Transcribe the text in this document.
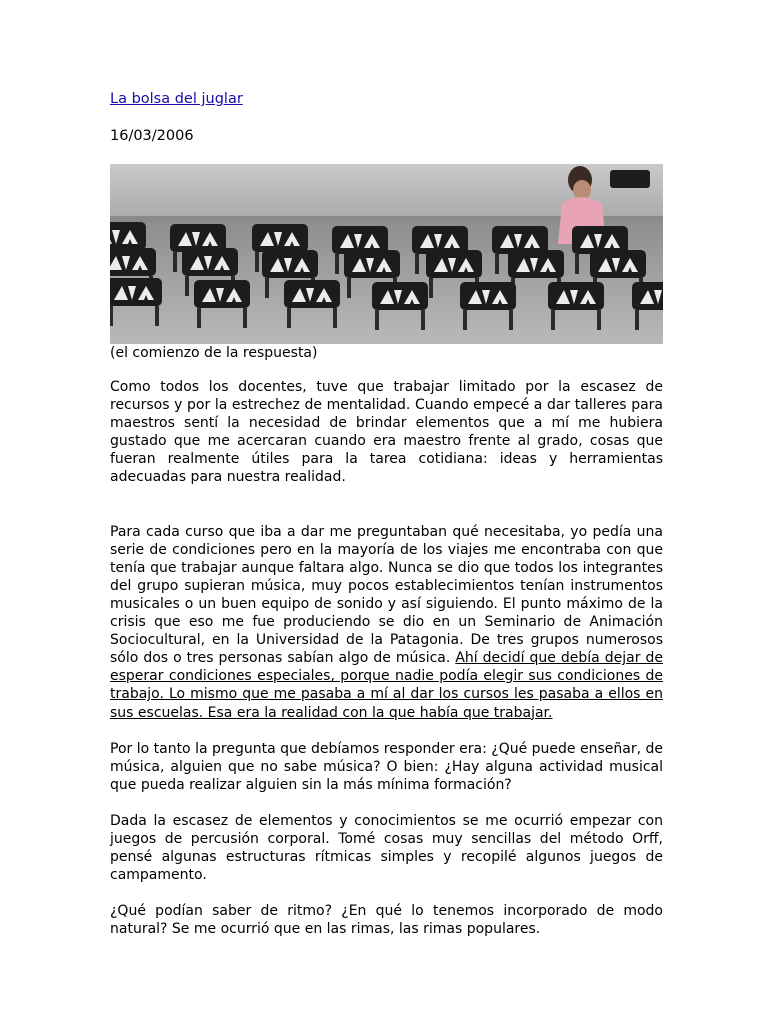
La bolsa del juglar
16/03/2006
(el comienzo de la respuesta)

Como todos los docentes, tuve que trabajar limitado por la escasez de recursos y por la estrechez de mentalidad. Cuando empecé a dar talleres para maestros sentí la necesidad de brindar elementos que a mí me hubiera gustado que me acercaran cuando era maestro frente al grado, cosas que fueran realmente útiles para la tarea cotidiana: ideas y herramientas adecuadas para nuestra realidad.

Para cada curso que iba a dar me preguntaban qué necesitaba, yo pedía una serie de condiciones pero en la mayoría de los viajes me encontraba con que tenía que trabajar aunque faltara algo. Nunca se dio que todos los integrantes del grupo supieran música, muy pocos establecimientos tenían instrumentos musicales o un buen equipo de sonido y así siguiendo. El punto máximo de la crisis que eso me fue produciendo se dio en un Seminario de Animación Sociocultural, en la Universidad de la Patagonia. De tres grupos numerosos sólo dos o tres personas sabían algo de música. Ahí decidí que debía dejar de esperar condiciones especiales, porque nadie podía elegir sus condiciones de trabajo. Lo mismo que me pasaba a mí al dar los cursos les pasaba a ellos en sus escuelas. Esa era la realidad con la que había que trabajar.

Por lo tanto la pregunta que debíamos responder era: ¿Qué puede enseñar, de música, alguien que no sabe música? O bien: ¿Hay alguna actividad musical que pueda realizar alguien sin la más mínima formación?

Dada la escasez de elementos y conocimientos se me ocurrió empezar con juegos de percusión corporal. Tomé cosas muy sencillas del método Orff, pensé algunas estructuras rítmicas simples y recopilé algunos juegos de campamento.

¿Qué podían saber de ritmo? ¿En qué lo tenemos incorporado de modo natural? Se me ocurrió que en las rimas, las rimas populares.
